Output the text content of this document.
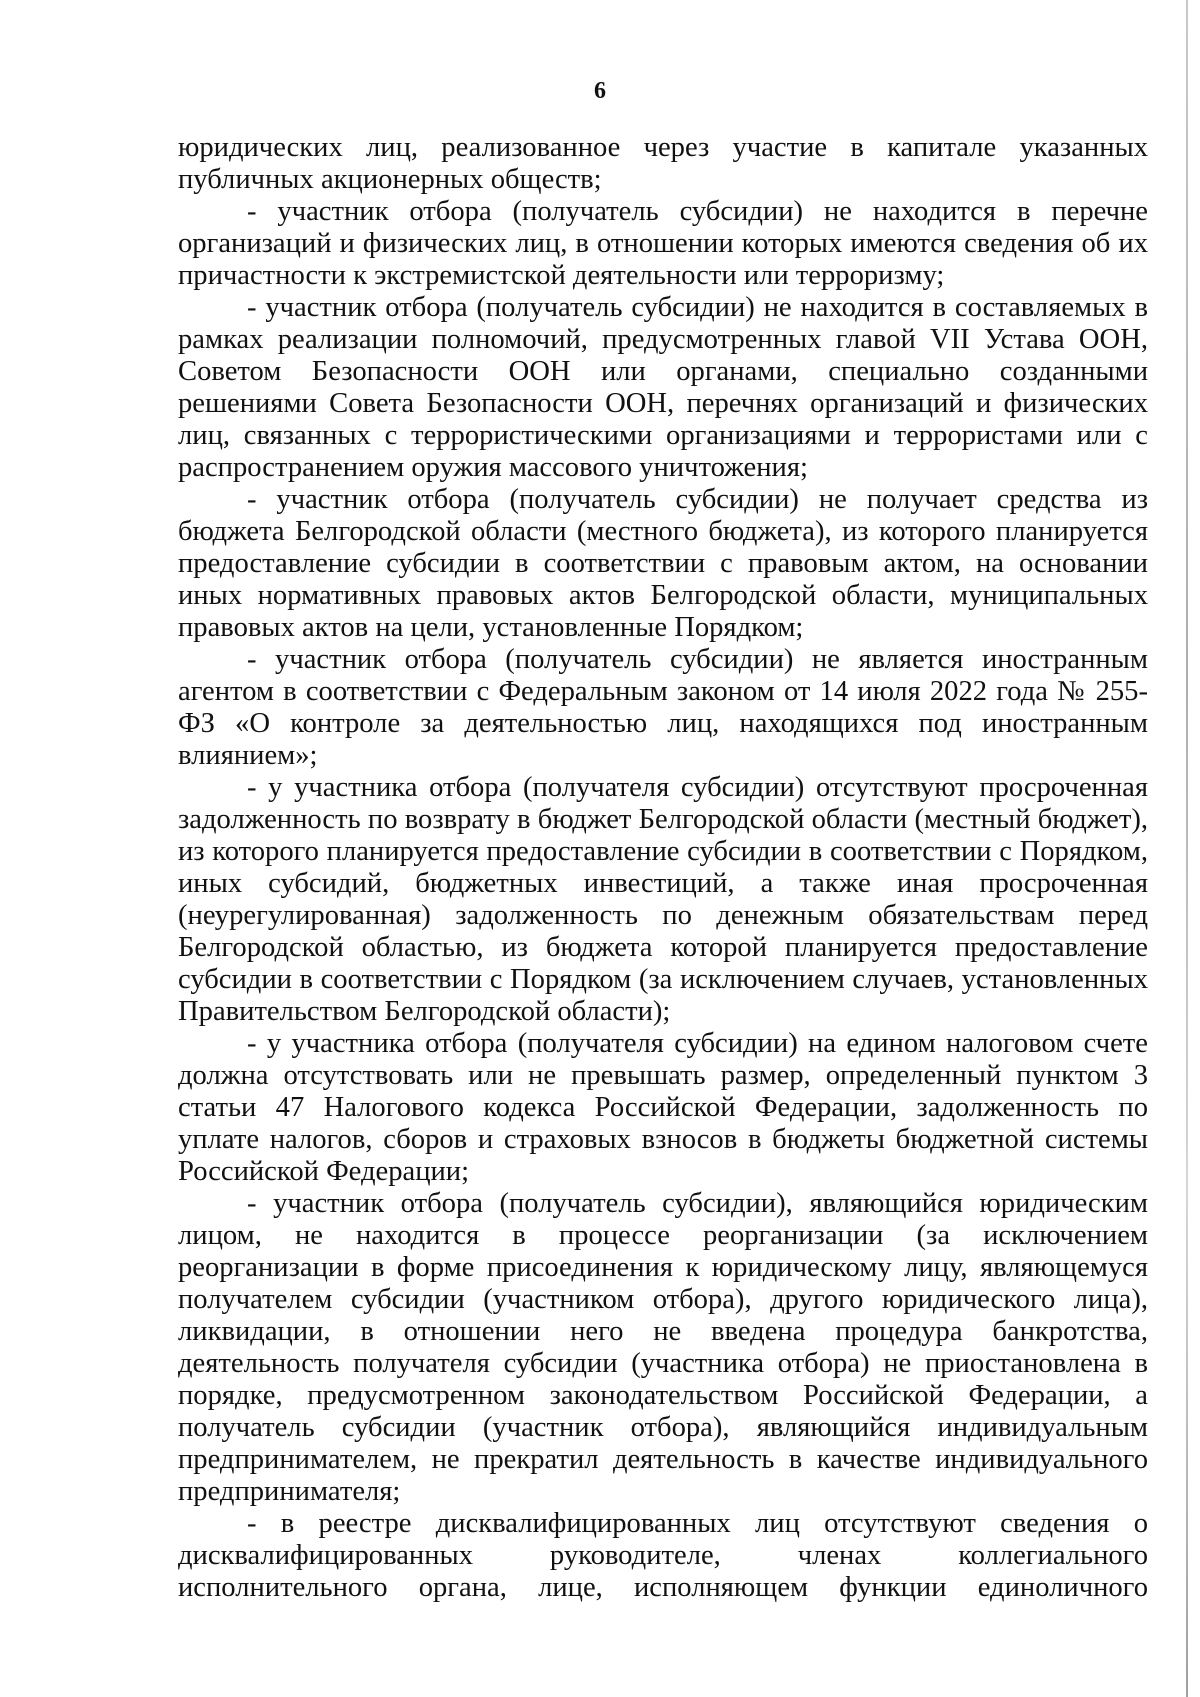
6

юридических лиц, реализованное через участие в капитале указанных публичных акционерных обществ;

- участник отбора (получатель субсидии) не находится в перечне организаций и физических лиц, в отношении которых имеются сведения об их причастности к экстремистской деятельности или терроризму;

- участник отбора (получатель субсидии) не находится в составляемых в рамках реализации полномочий, предусмотренных главой VII Устава ООН, Советом Безопасности ООН или органами, специально созданными решениями Совета Безопасности ООН, перечнях организаций и физических лиц, связанных с террористическими организациями и террористами или с распространением оружия массового уничтожения;

- участник отбора (получатель субсидии) не получает средства из бюджета Белгородской области (местного бюджета), из которого планируется предоставление субсидии в соответствии с правовым актом, на основании иных нормативных правовых актов Белгородской области, муниципальных правовых актов на цели, установленные Порядком;

- участник отбора (получатель субсидии) не является иностранным агентом в соответствии с Федеральным законом от 14 июля 2022 года № 255-ФЗ «О контроле за деятельностью лиц, находящихся под иностранным влиянием»;

- у участника отбора (получателя субсидии) отсутствуют просроченная задолженность по возврату в бюджет Белгородской области (местный бюджет), из которого планируется предоставление субсидии в соответствии с Порядком, иных субсидий, бюджетных инвестиций, а также иная просроченная (неурегулированная) задолженность по денежным обязательствам перед Белгородской областью, из бюджета которой планируется предоставление субсидии в соответствии с Порядком (за исключением случаев, установленных Правительством Белгородской области);

- у участника отбора (получателя субсидии) на едином налоговом счете должна отсутствовать или не превышать размер, определенный пунктом 3 статьи 47 Налогового кодекса Российской Федерации, задолженность по уплате налогов, сборов и страховых взносов в бюджеты бюджетной системы Российской Федерации;

- участник отбора (получатель субсидии), являющийся юридическим лицом, не находится в процессе реорганизации (за исключением реорганизации в форме присоединения к юридическому лицу, являющемуся получателем субсидии (участником отбора), другого юридического лица), ликвидации, в отношении него не введена процедура банкротства, деятельность получателя субсидии (участника отбора) не приостановлена в порядке, предусмотренном законодательством Российской Федерации, а получатель субсидии (участник отбора), являющийся индивидуальным предпринимателем, не прекратил деятельность в качестве индивидуального предпринимателя;

- в реестре дисквалифицированных лиц отсутствуют сведения о дисквалифицированных руководителе, членах коллегиального исполнительного органа, лице, исполняющем функции единоличного
